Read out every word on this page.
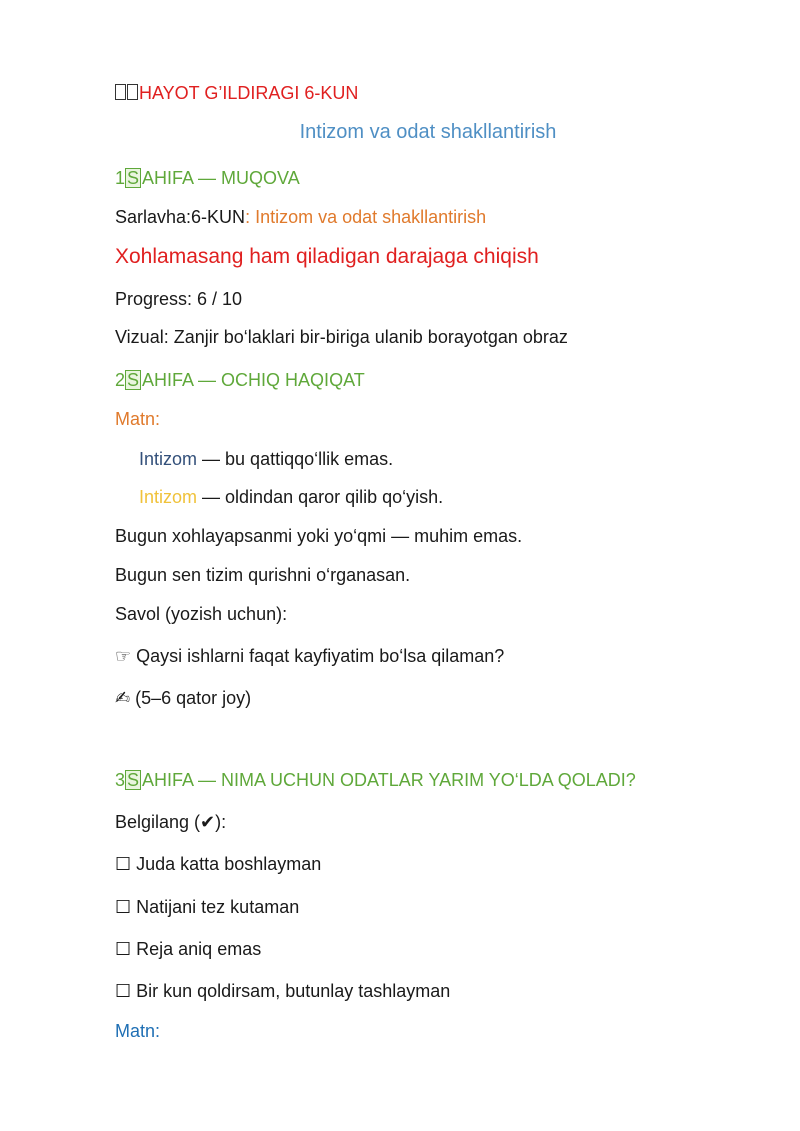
HAYOT G’ILDIRAGI 6-KUN
Intizom va odat shakllantirish
1 S AHIFA — MUQOVA
Sarlavha:6-KUN: Intizom va odat shakllantirish
Xohlamasang ham qiladigan darajaga chiqish
Progress: 6 / 10
Vizual: Zanjir bo‘laklari bir-biriga ulanib borayotgan obraz
2 S AHIFA — OCHIQ HAQIQAT
Matn:
Intizom — bu qattiqqo‘llik emas.
Intizom — oldindan qaror qilib qo‘yish.
Bugun xohlayapsanmi yoki yo‘qmi — muhim emas.
Bugun sen tizim qurishni o‘rganasan.
Savol (yozish uchun):
☞ Qaysi ishlarni faqat kayfiyatim bo‘lsa qilaman?
✍ (5–6 qator joy)
3 S AHIFA — NIMA UCHUN ODATLAR YARIM YO‘LDA QOLADI?
Belgilang (✔):
☐ Juda katta boshlayman
☐ Natijani tez kutaman
☐ Reja aniq emas
☐ Bir kun qoldirsam, butunlay tashlayman
Matn:
